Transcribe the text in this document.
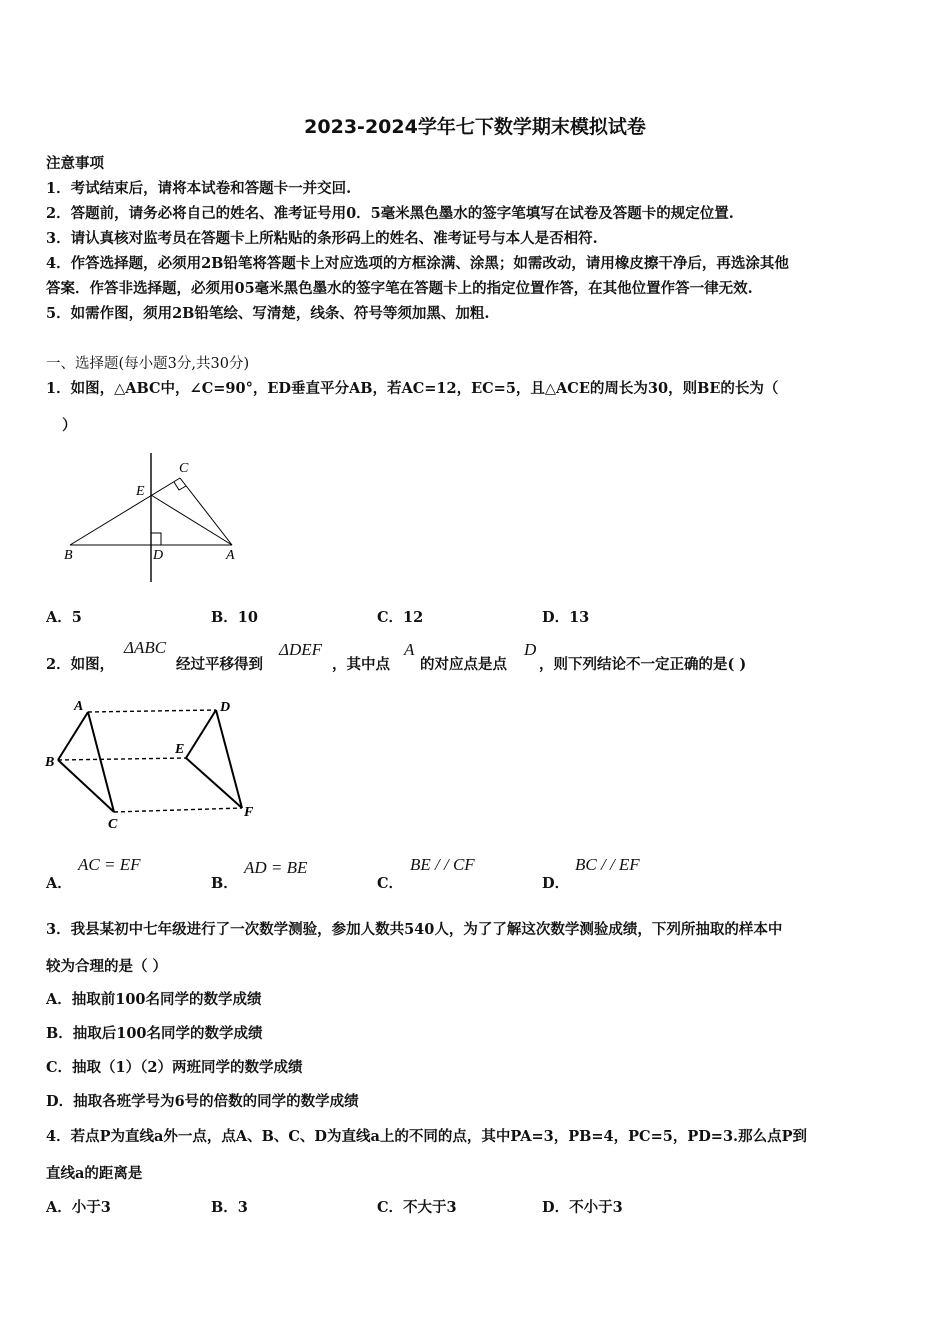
2023-2024学年七下数学期末模拟试卷
注意事项
1．考试结束后，请将本试卷和答题卡一并交回.
2．答题前，请务必将自己的姓名、准考证号用0．5毫米黑色墨水的签字笔填写在试卷及答题卡的规定位置.
3．请认真核对监考员在答题卡上所粘贴的条形码上的姓名、准考证号与本人是否相符.
4．作答选择题，必须用2B铅笔将答题卡上对应选项的方框涂满、涂黑；如需改动，请用橡皮擦干净后，再选涂其他
答案．作答非选择题，必须用05毫米黑色墨水的签字笔在答题卡上的指定位置作答，在其他位置作答一律无效.
5．如需作图，须用2B铅笔绘、写清楚，线条、符号等须加黑、加粗.
一、选择题(每小题3分,共30分)
1．如图，△ABC中，∠C=90°，ED垂直平分AB，若AC=12，EC=5，且△ACE的周长为30，则BE的长为（
）
B	D	A
E
C
A．5	B．10	C．12	D．13
2．如图，
ΔABC
经过平移得到
ΔDEF
，其中点
A
的对应点是点
D
，则下列结论不一定正确的是( )
A	D
B
E
C
F
A．
AC = EF
B．
AD = BE
C．
BE / / CF
D．
BC / / EF
3．我县某初中七年级进行了一次数学测验，参加人数共540人，为了了解这次数学测验成绩，下列所抽取的样本中
较为合理的是（ ）
A．抽取前100名同学的数学成绩
B．抽取后100名同学的数学成绩
C．抽取（1）（2）两班同学的数学成绩
D．抽取各班学号为6号的倍数的同学的数学成绩
4．若点P为直线a外一点，点A、B、C、D为直线a上的不同的点，其中PA=3，PB=4，PC=5，PD=3.那么点P到
直线a的距离是
A．小于3	B．3	C．不大于3	D．不小于3
